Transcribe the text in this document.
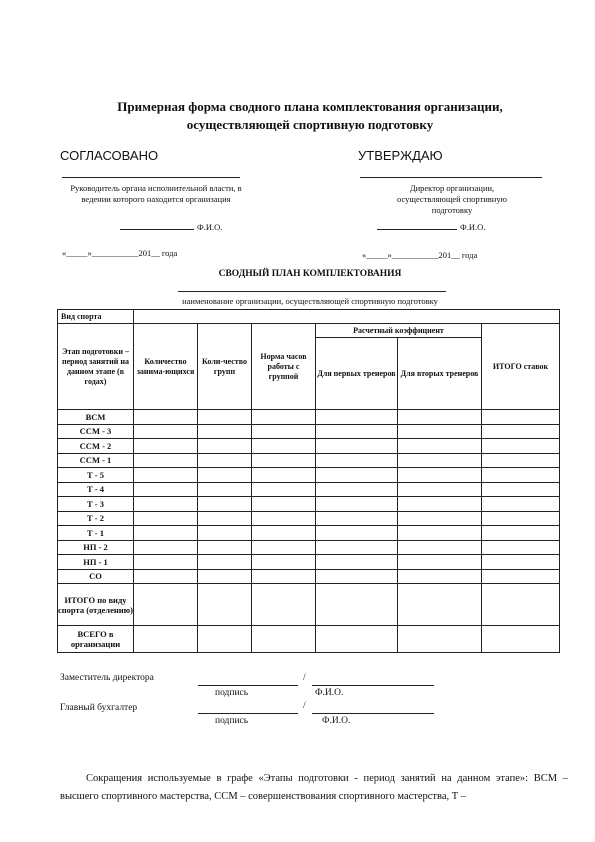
Примерная форма сводного плана комплектования организации,
осуществляющей спортивную подготовку
СОГЛАСОВАНО	УТВЕРЖДАЮ
Руководитель органа исполнительной власти, в ведении которого находится организация
Директор организации, осуществляющей спортивную подготовку
Ф.И.О.	Ф.И.О.
«_____»___________201__ года	«_____»___________201__ года
СВОДНЫЙ ПЛАН КОМПЛЕКТОВАНИЯ
наименование организации, осуществляющей спортивную подготовку
Вид спорта						
Этап подготовки – период занятий на данном этапе (в годах)	Количество занима-ющихся	Коли-чество групп	Норма часов работы с группой	Расчетный коэффициент		ИТОГО ставок
				Для первых тренеров	Для вторых тренеров	
ВСМ						
ССМ - 3						
ССМ - 2						
ССМ - 1						
Т - 5						
Т - 4						
Т - 3						
Т - 2						
Т - 1						
НП - 2						
НП - 1						
СО						
ИТОГО по виду спорта (отделению)						
ВСЕГО в организации						
Заместитель директора	/
подпись	Ф.И.О.
Главный бухгалтер	/
подпись	Ф.И.О.
Сокращения используемые в графе «Этапы подготовки - период занятий на данном этапе»: ВСМ – высшего спортивного мастерства, ССМ – совершенствования спортивного мастерства, Т –
